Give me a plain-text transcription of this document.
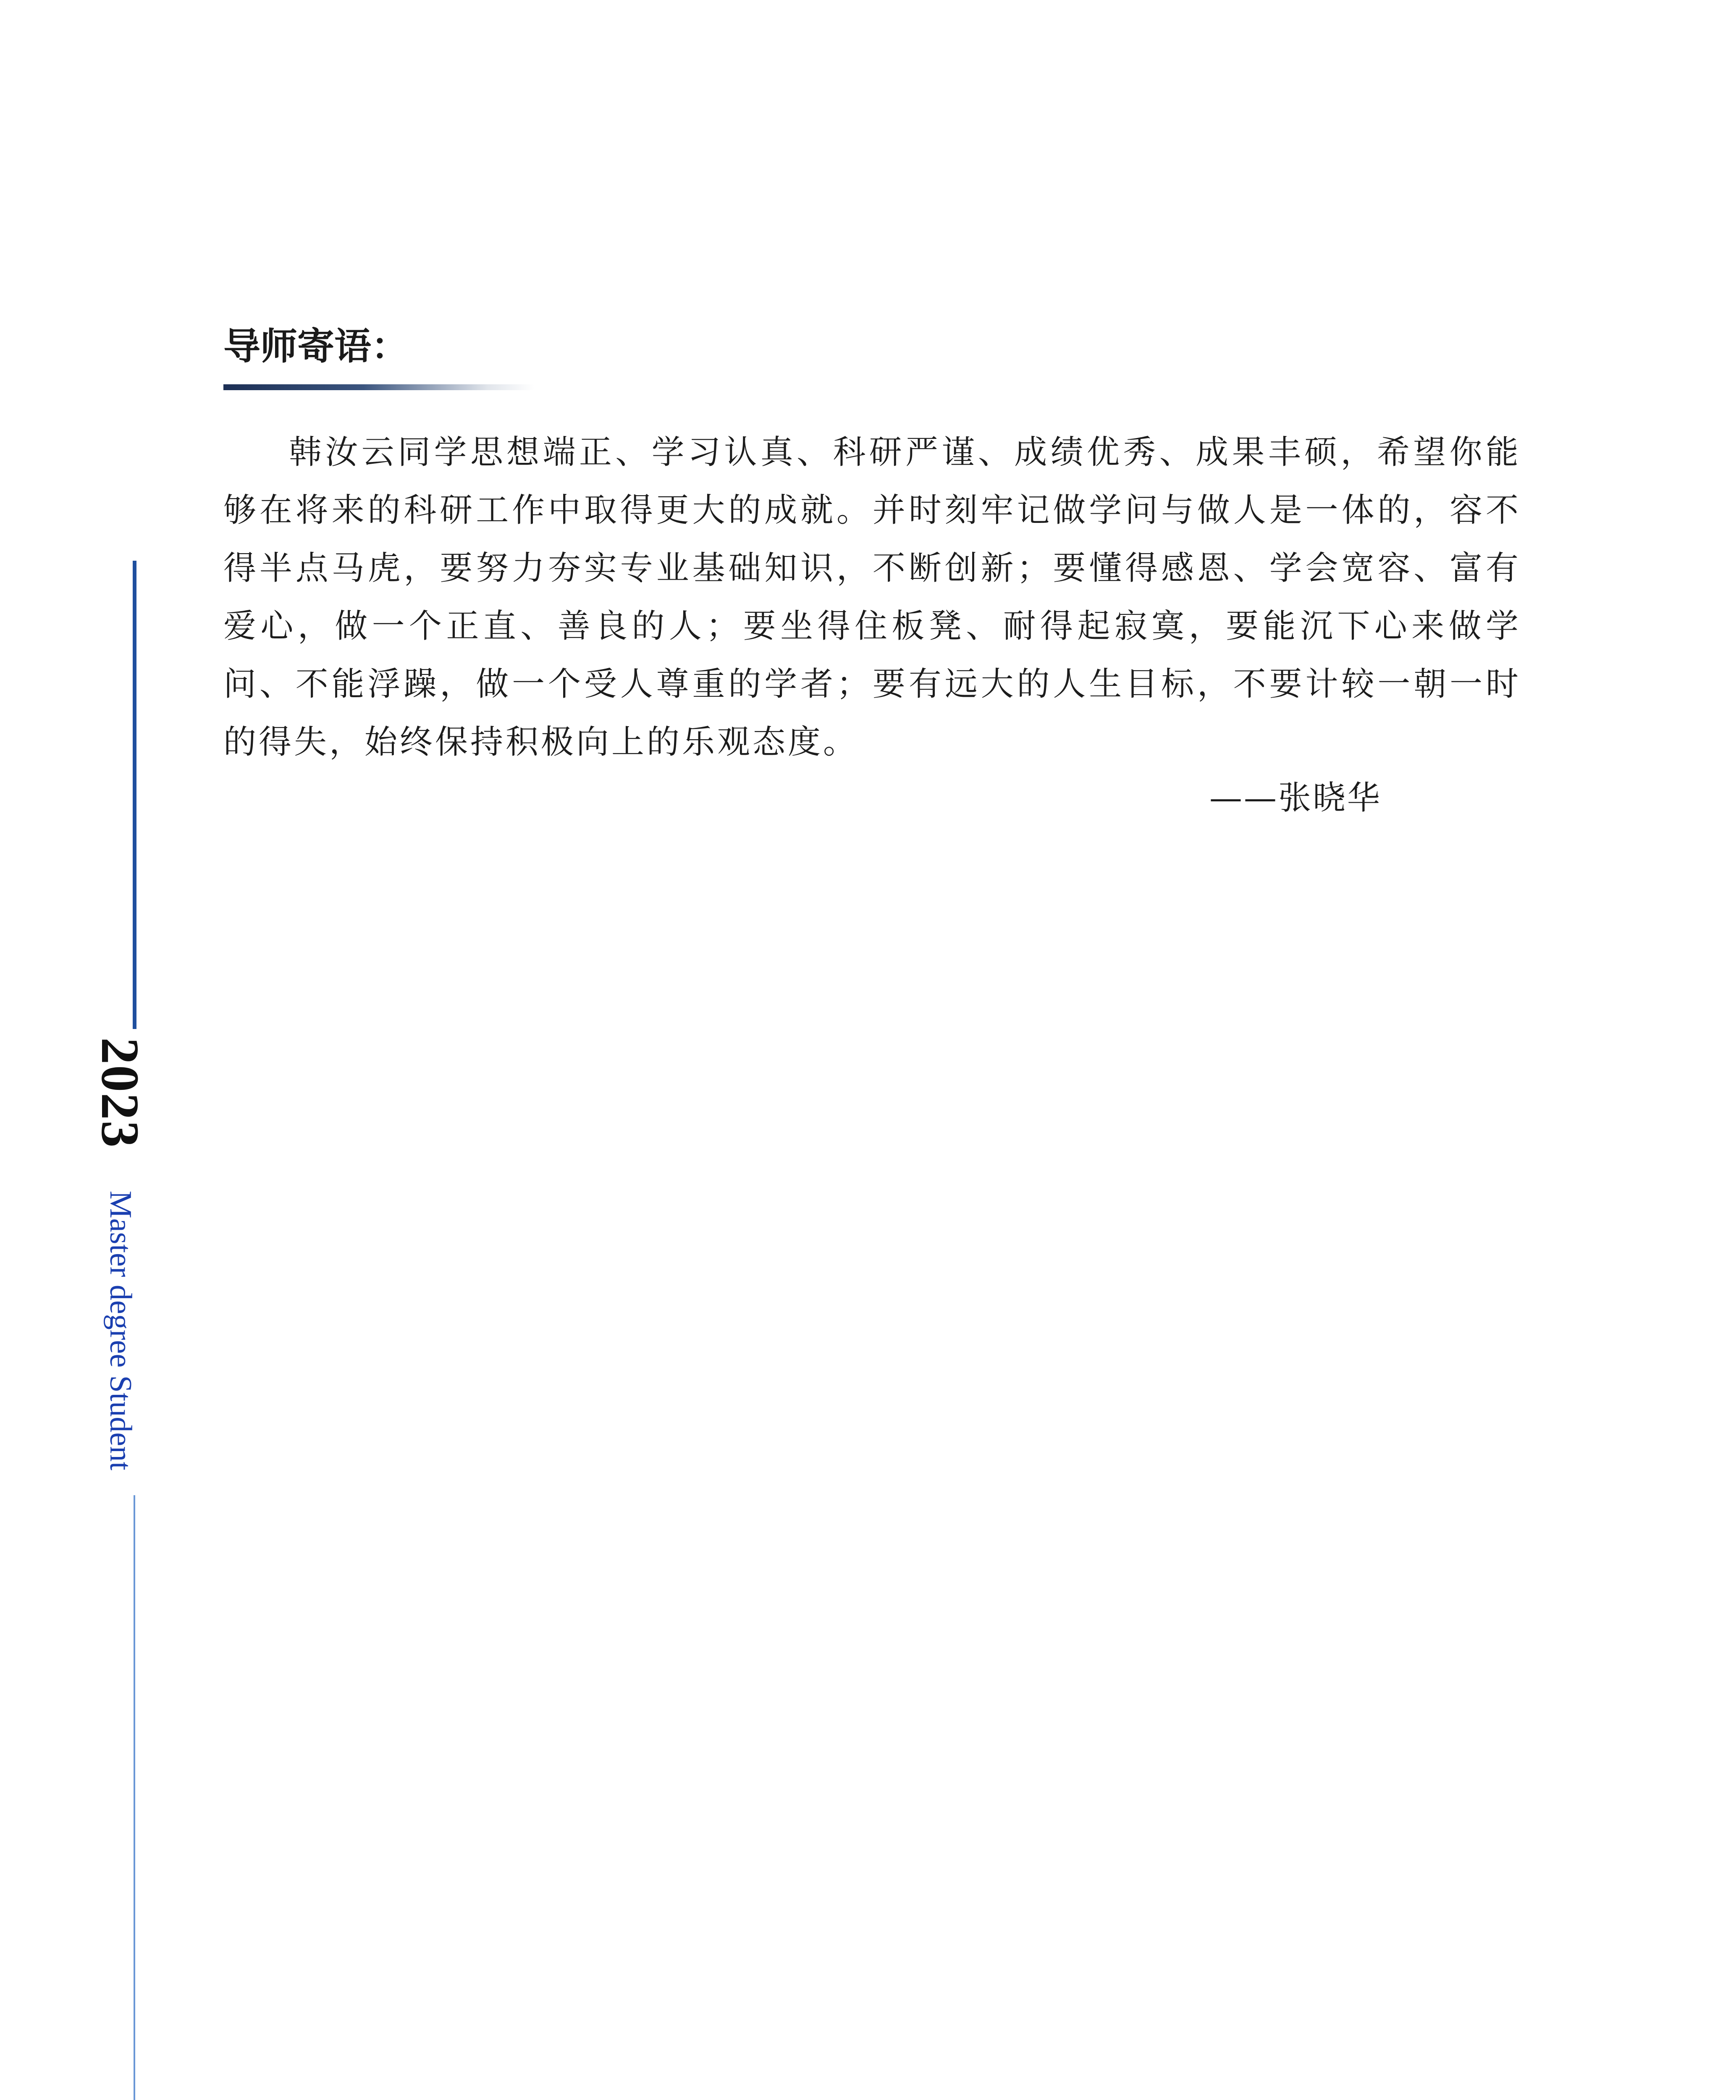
2023
Master degree Student
导师寄语：

韩汝云同学思想端正、学习认真、科研严谨、成绩优秀、成果丰硕，希望你能够在将来的科研工作中取得更大的成就。并时刻牢记做学问与做人是一体的，容不得半点马虎，要努力夯实专业基础知识，不断创新；要懂得感恩、学会宽容、富有爱心，做一个正直、善良的人；要坐得住板凳、耐得起寂寞，要能沉下心来做学问、不能浮躁，做一个受人尊重的学者；要有远大的人生目标，不要计较一朝一时的得失，始终保持积极向上的乐观态度。

——张晓华
